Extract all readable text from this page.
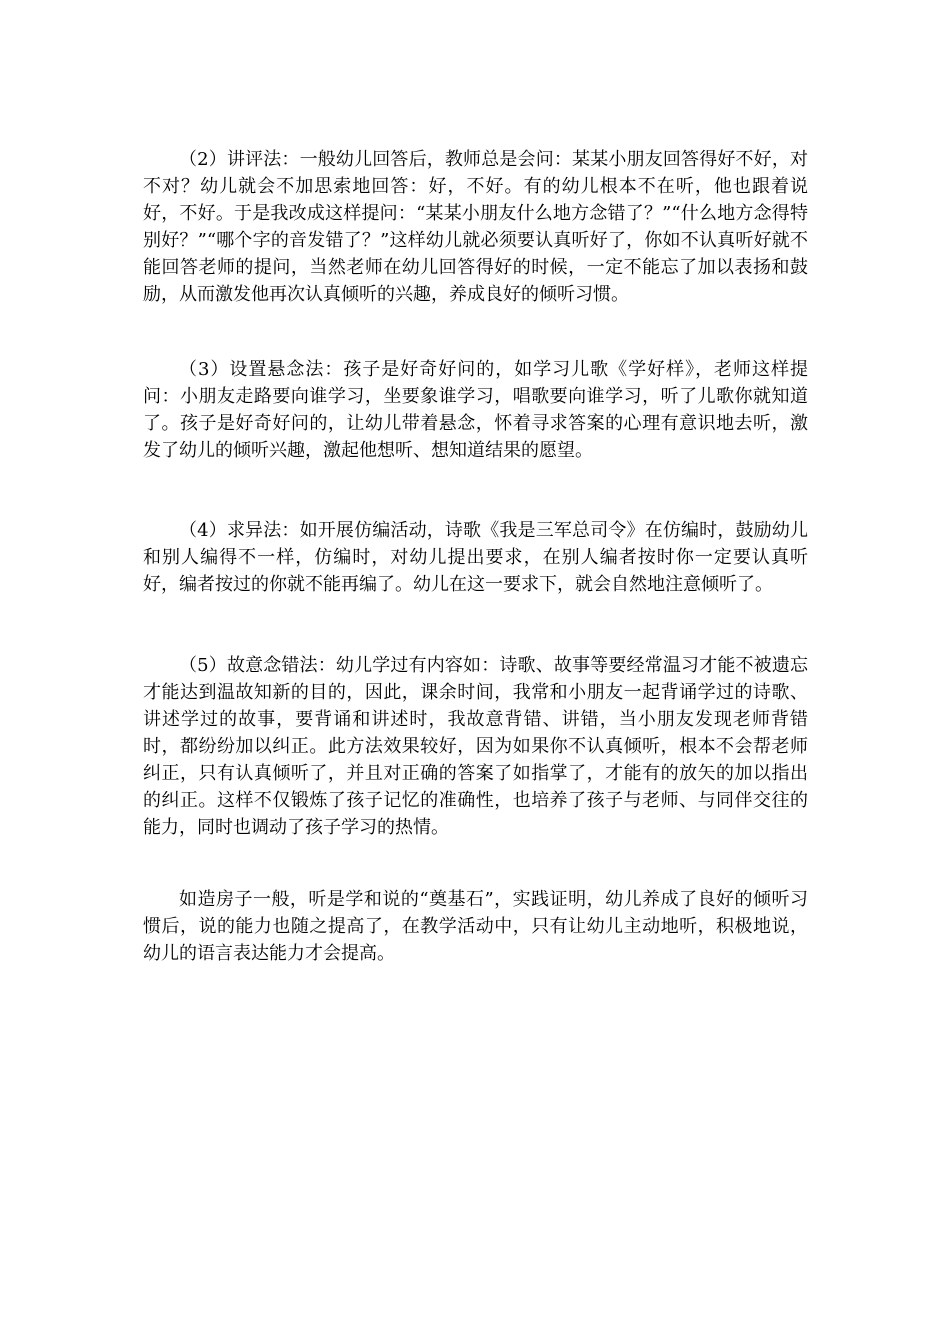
（2）讲评法：一般幼儿回答后，教师总是会问：某某小朋友回答得好不好，对不对？幼儿就会不加思索地回答：好，不好。有的幼儿根本不在听，他也跟着说好，不好。于是我改成这样提问：“某某小朋友什么地方念错了？”“什么地方念得特别好？”“哪个字的音发错了？”这样幼儿就必须要认真听好了，你如不认真听好就不能回答老师的提问，当然老师在幼儿回答得好的时候，一定不能忘了加以表扬和鼓励，从而激发他再次认真倾听的兴趣，养成良好的倾听习惯。

（3）设置悬念法：孩子是好奇好问的，如学习儿歌《学好样》，老师这样提问：小朋友走路要向谁学习，坐要象谁学习，唱歌要向谁学习，听了儿歌你就知道了。孩子是好奇好问的，让幼儿带着悬念，怀着寻求答案的心理有意识地去听，激发了幼儿的倾听兴趣，激起他想听、想知道结果的愿望。

（4）求异法：如开展仿编活动，诗歌《我是三军总司令》在仿编时，鼓励幼儿和别人编得不一样，仿编时，对幼儿提出要求，在别人编者按时你一定要认真听好，编者按过的你就不能再编了。幼儿在这一要求下，就会自然地注意倾听了。

（5）故意念错法：幼儿学过有内容如：诗歌、故事等要经常温习才能不被遗忘才能达到温故知新的目的，因此，课余时间，我常和小朋友一起背诵学过的诗歌、讲述学过的故事，要背诵和讲述时，我故意背错、讲错，当小朋友发现老师背错时，都纷纷加以纠正。此方法效果较好，因为如果你不认真倾听，根本不会帮老师纠正，只有认真倾听了，并且对正确的答案了如指掌了，才能有的放矢的加以指出的纠正。这样不仅锻炼了孩子记忆的准确性，也培养了孩子与老师、与同伴交往的能力，同时也调动了孩子学习的热情。

如造房子一般，听是学和说的“奠基石”，实践证明，幼儿养成了良好的倾听习惯后，说的能力也随之提高了，在教学活动中，只有让幼儿主动地听，积极地说，幼儿的语言表达能力才会提高。
